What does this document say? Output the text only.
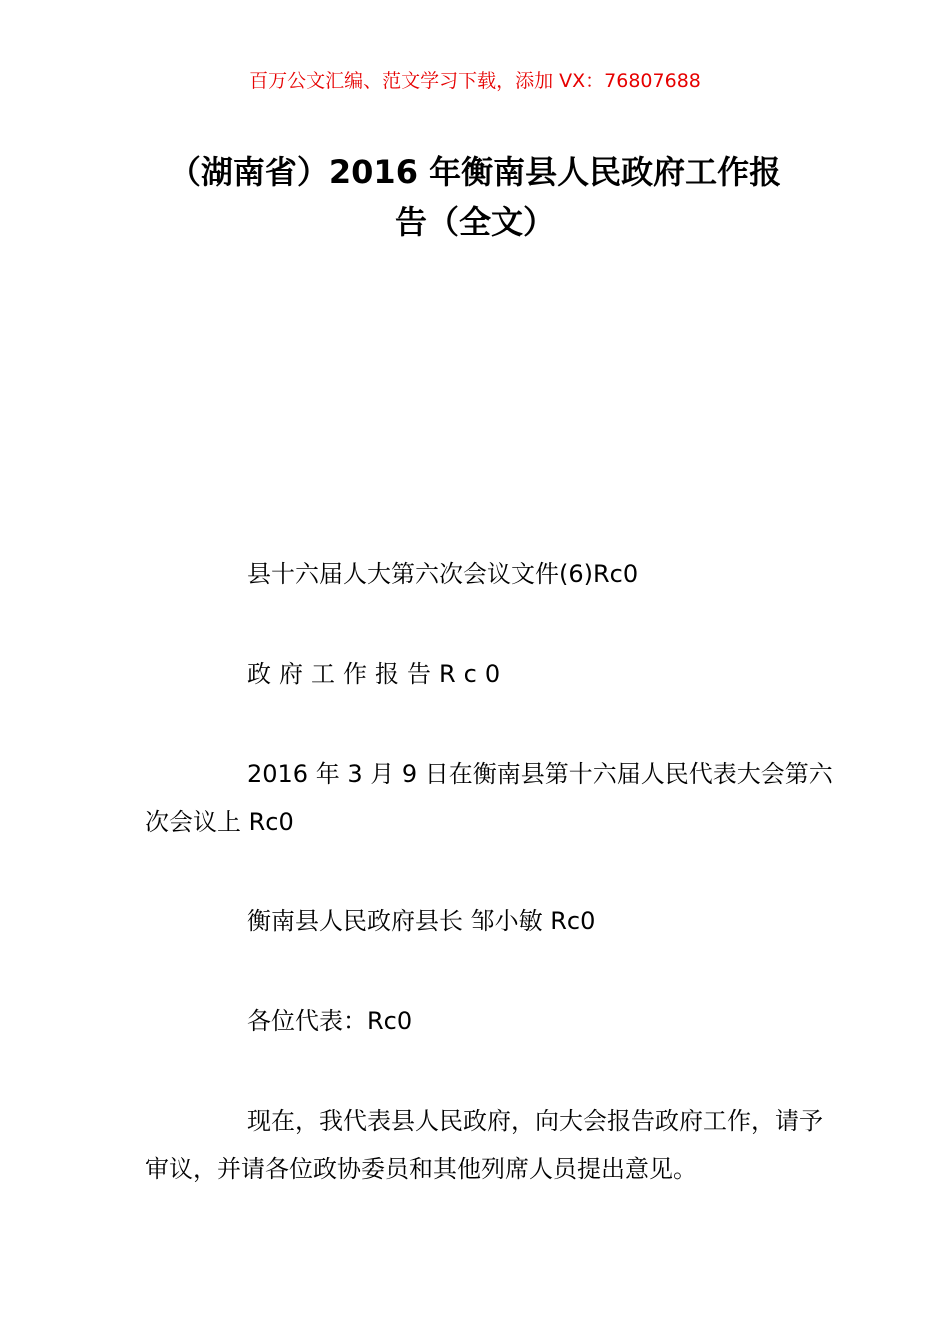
百万公文汇编、范文学习下载，添加 VX：76807688
（湖南省）2016 年衡南县人民政府工作报
告（全文）

县十六届人大第六次会议文件(6)Rc0

政府工作报告Rc0

2016 年 3 月 9 日在衡南县第十六届人民代表大会第六次会议上 Rc0

衡南县人民政府县长 邹小敏 Rc0

各位代表：Rc0

现在，我代表县人民政府，向大会报告政府工作，请予审议，并请各位政协委员和其他列席人员提出意见。
